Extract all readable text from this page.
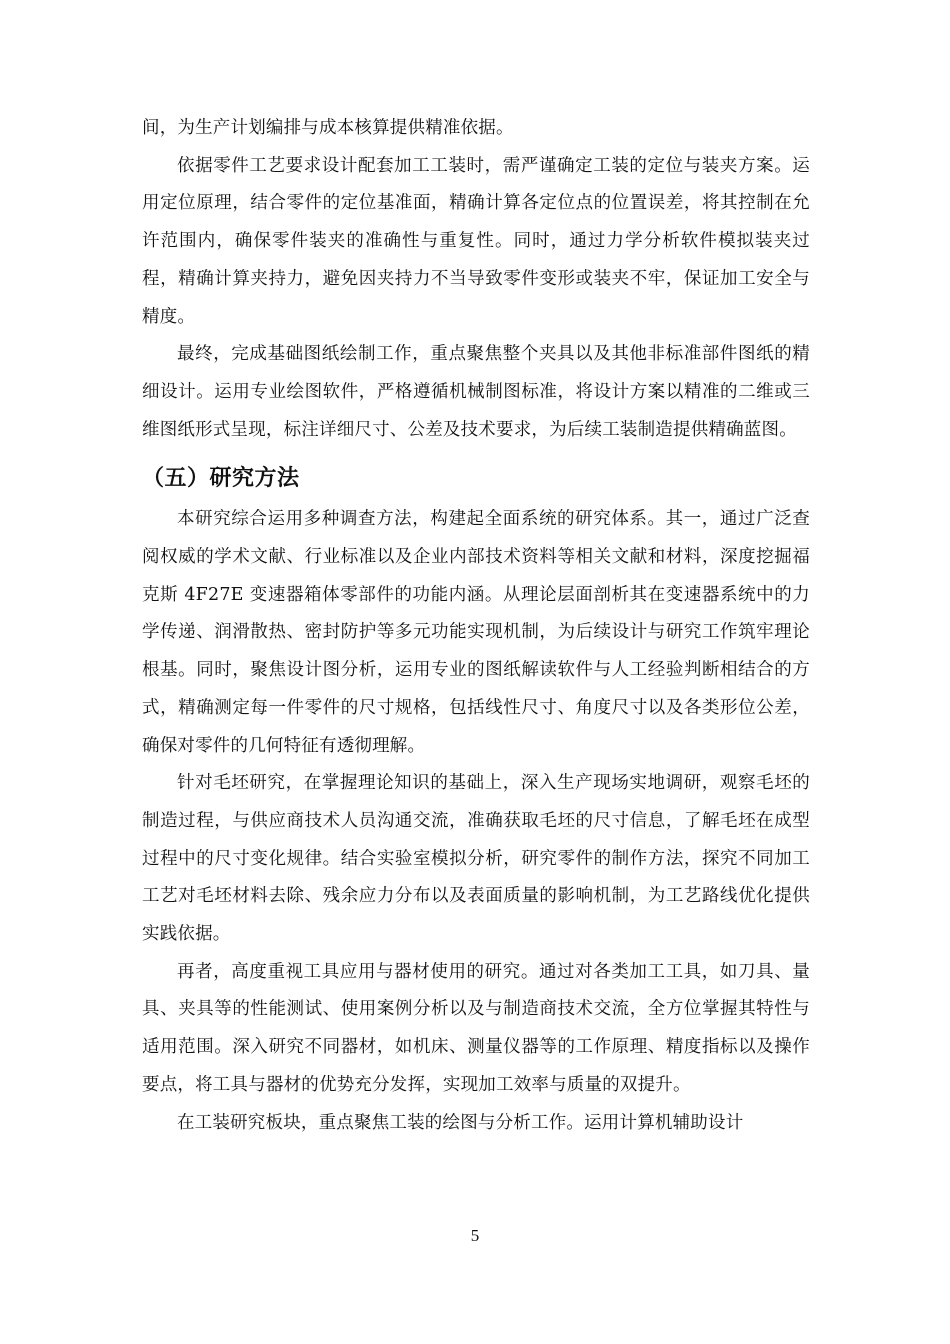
间，为生产计划编排与成本核算提供精准依据。

依据零件工艺要求设计配套加工工装时，需严谨确定工装的定位与装夹方案。运用定位原理，结合零件的定位基准面，精确计算各定位点的位置误差，将其控制在允许范围内，确保零件装夹的准确性与重复性。同时，通过力学分析软件模拟装夹过程，精确计算夹持力，避免因夹持力不当导致零件变形或装夹不牢，保证加工安全与精度。

最终，完成基础图纸绘制工作，重点聚焦整个夹具以及其他非标准部件图纸的精细设计。运用专业绘图软件，严格遵循机械制图标准，将设计方案以精准的二维或三维图纸形式呈现，标注详细尺寸、公差及技术要求，为后续工装制造提供精确蓝图。

（五）研究方法

本研究综合运用多种调查方法，构建起全面系统的研究体系。其一，通过广泛查阅权威的学术文献、行业标准以及企业内部技术资料等相关文献和材料，深度挖掘福克斯 4F27E 变速器箱体零部件的功能内涵。从理论层面剖析其在变速器系统中的力学传递、润滑散热、密封防护等多元功能实现机制，为后续设计与研究工作筑牢理论根基。同时，聚焦设计图分析，运用专业的图纸解读软件与人工经验判断相结合的方式，精确测定每一件零件的尺寸规格，包括线性尺寸、角度尺寸以及各类形位公差，确保对零件的几何特征有透彻理解。

针对毛坯研究，在掌握理论知识的基础上，深入生产现场实地调研，观察毛坯的制造过程，与供应商技术人员沟通交流，准确获取毛坯的尺寸信息，了解毛坯在成型过程中的尺寸变化规律。结合实验室模拟分析，研究零件的制作方法，探究不同加工工艺对毛坯材料去除、残余应力分布以及表面质量的影响机制，为工艺路线优化提供实践依据。

再者，高度重视工具应用与器材使用的研究。通过对各类加工工具，如刀具、量具、夹具等的性能测试、使用案例分析以及与制造商技术交流，全方位掌握其特性与适用范围。深入研究不同器材，如机床、测量仪器等的工作原理、精度指标以及操作要点，将工具与器材的优势充分发挥，实现加工效率与质量的双提升。

在工装研究板块，重点聚焦工装的绘图与分析工作。运用计算机辅助设计

5
